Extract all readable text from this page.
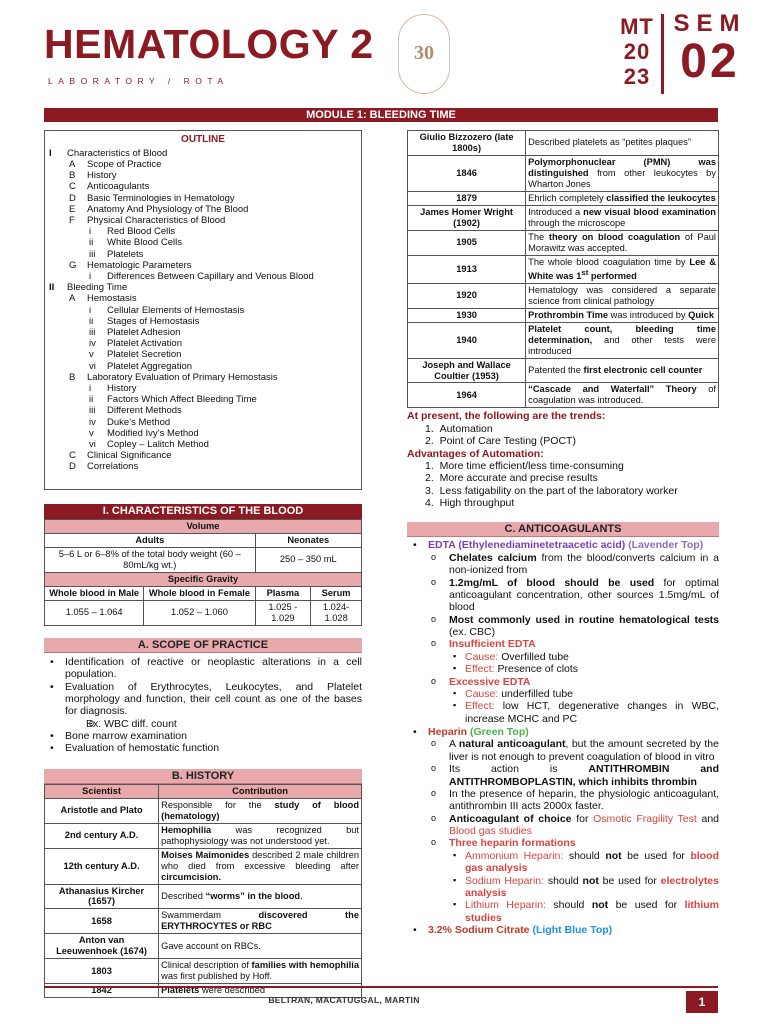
HEMATOLOGY 2
LABORATORY / ROTA
30
MT
20
23
SEM
02
MODULE 1: BLEEDING TIME
OUTLINE
I	Characteristics of Blood
A	Scope of Practice
B	History
C	Anticoagulants
D	Basic Terminologies in Hematology
E	Anatomy And Physiology of The Blood
F	Physical Characteristics of Blood
i	Red Blood Cells
ii	White Blood Cells
iii	Platelets
G	Hematologic Parameters
i	Differences Between Capillary and Venous Blood
II	Bleeding Time
A	Hemostasis
i	Cellular Elements of Hemostasis
ii	Stages of Hemostasis
iii	Platelet Adhesion
iv	Platelet Activation
v	Platelet Secretion
vi	Platelet Aggregation
B	Laboratory Evaluation of Primary Hemostasis
i	History
ii	Factors Which Affect Bleeding Time
iii	Different Methods
iv	Duke’s Method
v	Modified Ivy’s Method
vi	Copley – Lalitch Method
C	Clinical Significance
D	Correlations
I. CHARACTERISTICS OF THE BLOOD
Volume			
Adults		Neonates	
5–6 L or 6–8% of the total body weight (60 – 80mL/kg wt.)		250 – 350 mL	
Specific Gravity			
Whole blood in Male	Whole blood in Female	Plasma	Serum
1.055 – 1.064	1.052 – 1.060	1.025 - 1.029	1.024-1.028
A. SCOPE OF PRACTICE
• Identification of reactive or neoplastic alterations in a cell population.
• Evaluation of Erythrocytes, Leukocytes, and Platelet morphology and function, their cell count as one of the bases for diagnosis.
o Ex. WBC diff. count
• Bone marrow examination
• Evaluation of hemostatic function
B. HISTORY
Scientist	Contribution
Aristotle and Plato	Responsible for the study of blood (hematology)
2nd century A.D.	Hemophilia was recognized but pathophysiology was not understood yet.
12th century A.D.	Moises Maimonides described 2 male children who died from excessive bleeding after circumcision.
Athanasius Kircher (1657)	Described “worms” in the blood.
1658	Swammerdam discovered the ERYTHROCYTES or RBC
Anton van Leeuwenhoek (1674)	Gave account on RBCs.
1803	Clinical description of families with hemophilia was first published by Hoff.
1842	Platelets were described
Giulio Bizzozero (late 1800s)	Described platelets as “petites plaques”
1846	Polymorphonuclear (PMN) was distinguished from other leukocytes by Wharton Jones
1879	Ehrlich completely classified the leukocytes
James Homer Wright (1902)	Introduced a new visual blood examination through the microscope
1905	The theory on blood coagulation of Paul Morawitz was accepted.
1913	The whole blood coagulation time by Lee & White was 1st performed
1920	Hematology was considered a separate science from clinical pathology
1930	Prothrombin Time was introduced by Quick
1940	Platelet count, bleeding time determination, and other tests were introduced
Joseph and Wallace Coultier (1953)	Patented the first electronic cell counter
1964	“Cascade and Waterfall” Theory of coagulation was introduced.
At present, the following are the trends:
1.  Automation
2.  Point of Care Testing (POCT)
Advantages of Automation:
1.  More time efficient/less time-consuming
2.  More accurate and precise results
3.  Less fatigability on the part of the laboratory worker
4.  High throughput
C. ANTICOAGULANTS
• EDTA (Ethylenediaminetetraacetic acid) (Lavender Top)
o Chelates calcium from the blood/converts calcium in a non-ionized from
o 1.2mg/mL of blood should be used for optimal anticoagulant concentration, other sources 1.5mg/mL of blood
o Most commonly used in routine hematological tests (ex. CBC)
o Insufficient EDTA
▪ Cause: Overfilled tube
▪ Effect: Presence of clots
o Excessive EDTA
▪ Cause: underfilled tube
▪ Effect: low HCT, degenerative changes in WBC, increase MCHC and PC
• Heparin (Green Top)
o A natural anticoagulant, but the amount secreted by the liver is not enough to prevent coagulation of blood in vitro
o Its action is ANTITHROMBIN and ANTITHROMBOPLASTIN, which inhibits thrombin
o In the presence of heparin, the physiologic anticoagulant, antithrombin III acts 2000x faster.
o Anticoagulant of choice for Osmotic Fragility Test and Blood gas studies
o Three heparin formations
▪ Ammonium Heparin: should not be used for blood gas analysis
▪ Sodium Heparin: should not be used for electrolytes analysis
▪ Lithium Heparin: should not be used for lithium studies
• 3.2% Sodium Citrate (Light Blue Top)
BELTRAN, MACATUGGAL, MARTIN	1
